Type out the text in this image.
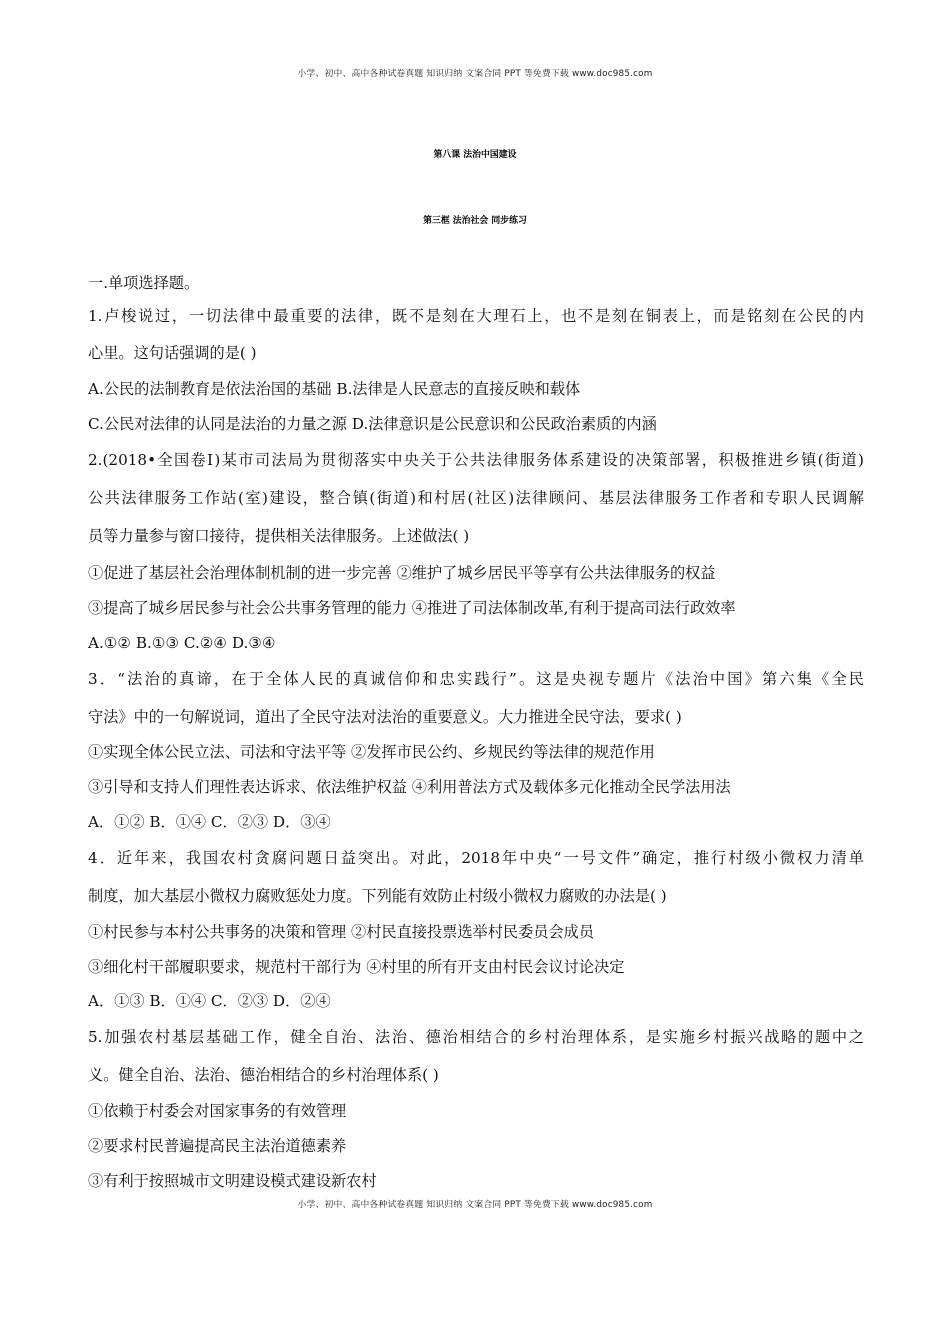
小学、初中、高中各种试卷真题 知识归纳 文案合同 PPT 等免费下载 www.doc985.com
第八课 法治中国建设
第三框 法治社会 同步练习
一.单项选择题。
1.卢梭说过，一切法律中最重要的法律，既不是刻在大理石上，也不是刻在铜表上，而是铭刻在公民的内
心里。这句话强调的是( )
A.公民的法制教育是依法治国的基础 B.法律是人民意志的直接反映和载体
C.公民对法律的认同是法治的力量之源 D.法律意识是公民意识和公民政治素质的内涵
2.(2018•全国卷Ⅰ)某市司法局为贯彻落实中央关于公共法律服务体系建设的决策部署，积极推进乡镇(街道)
公共法律服务工作站(室)建设，整合镇(街道)和村居(社区)法律顾问、基层法律服务工作者和专职人民调解
员等力量参与窗口接待，提供相关法律服务。上述做法( )
①促进了基层社会治理体制机制的进一步完善 ②维护了城乡居民平等享有公共法律服务的权益
③提高了城乡居民参与社会公共事务管理的能力 ④推进了司法体制改革,有利于提高司法行政效率
A.①② B.①③ C.②④ D.③④
3．“法治的真谛，在于全体人民的真诚信仰和忠实践行”。这是央视专题片《法治中国》第六集《全民
守法》中的一句解说词，道出了全民守法对法治的重要意义。大力推进全民守法，要求( )
①实现全体公民立法、司法和守法平等 ②发挥市民公约、乡规民约等法律的规范作用
③引导和支持人们理性表达诉求、依法维护权益 ④利用普法方式及载体多元化推动全民学法用法
A．①② B．①④ C．②③ D．③④
4．近年来，我国农村贪腐问题日益突出。对此，2018年中央“一号文件”确定，推行村级小微权力清单
制度，加大基层小微权力腐败惩处力度。下列能有效防止村级小微权力腐败的办法是( )
①村民参与本村公共事务的决策和管理 ②村民直接投票选举村民委员会成员
③细化村干部履职要求，规范村干部行为 ④村里的所有开支由村民会议讨论决定
A．①③ B．①④ C．②③ D．②④
5.加强农村基层基础工作，健全自治、法治、德治相结合的乡村治理体系，是实施乡村振兴战略的题中之
义。健全自治、法治、德治相结合的乡村治理体系( )
①依赖于村委会对国家事务的有效管理
②要求村民普遍提高民主法治道德素养
③有利于按照城市文明建设模式建设新农村
小学、初中、高中各种试卷真题 知识归纳 文案合同 PPT 等免费下载 www.doc985.com
